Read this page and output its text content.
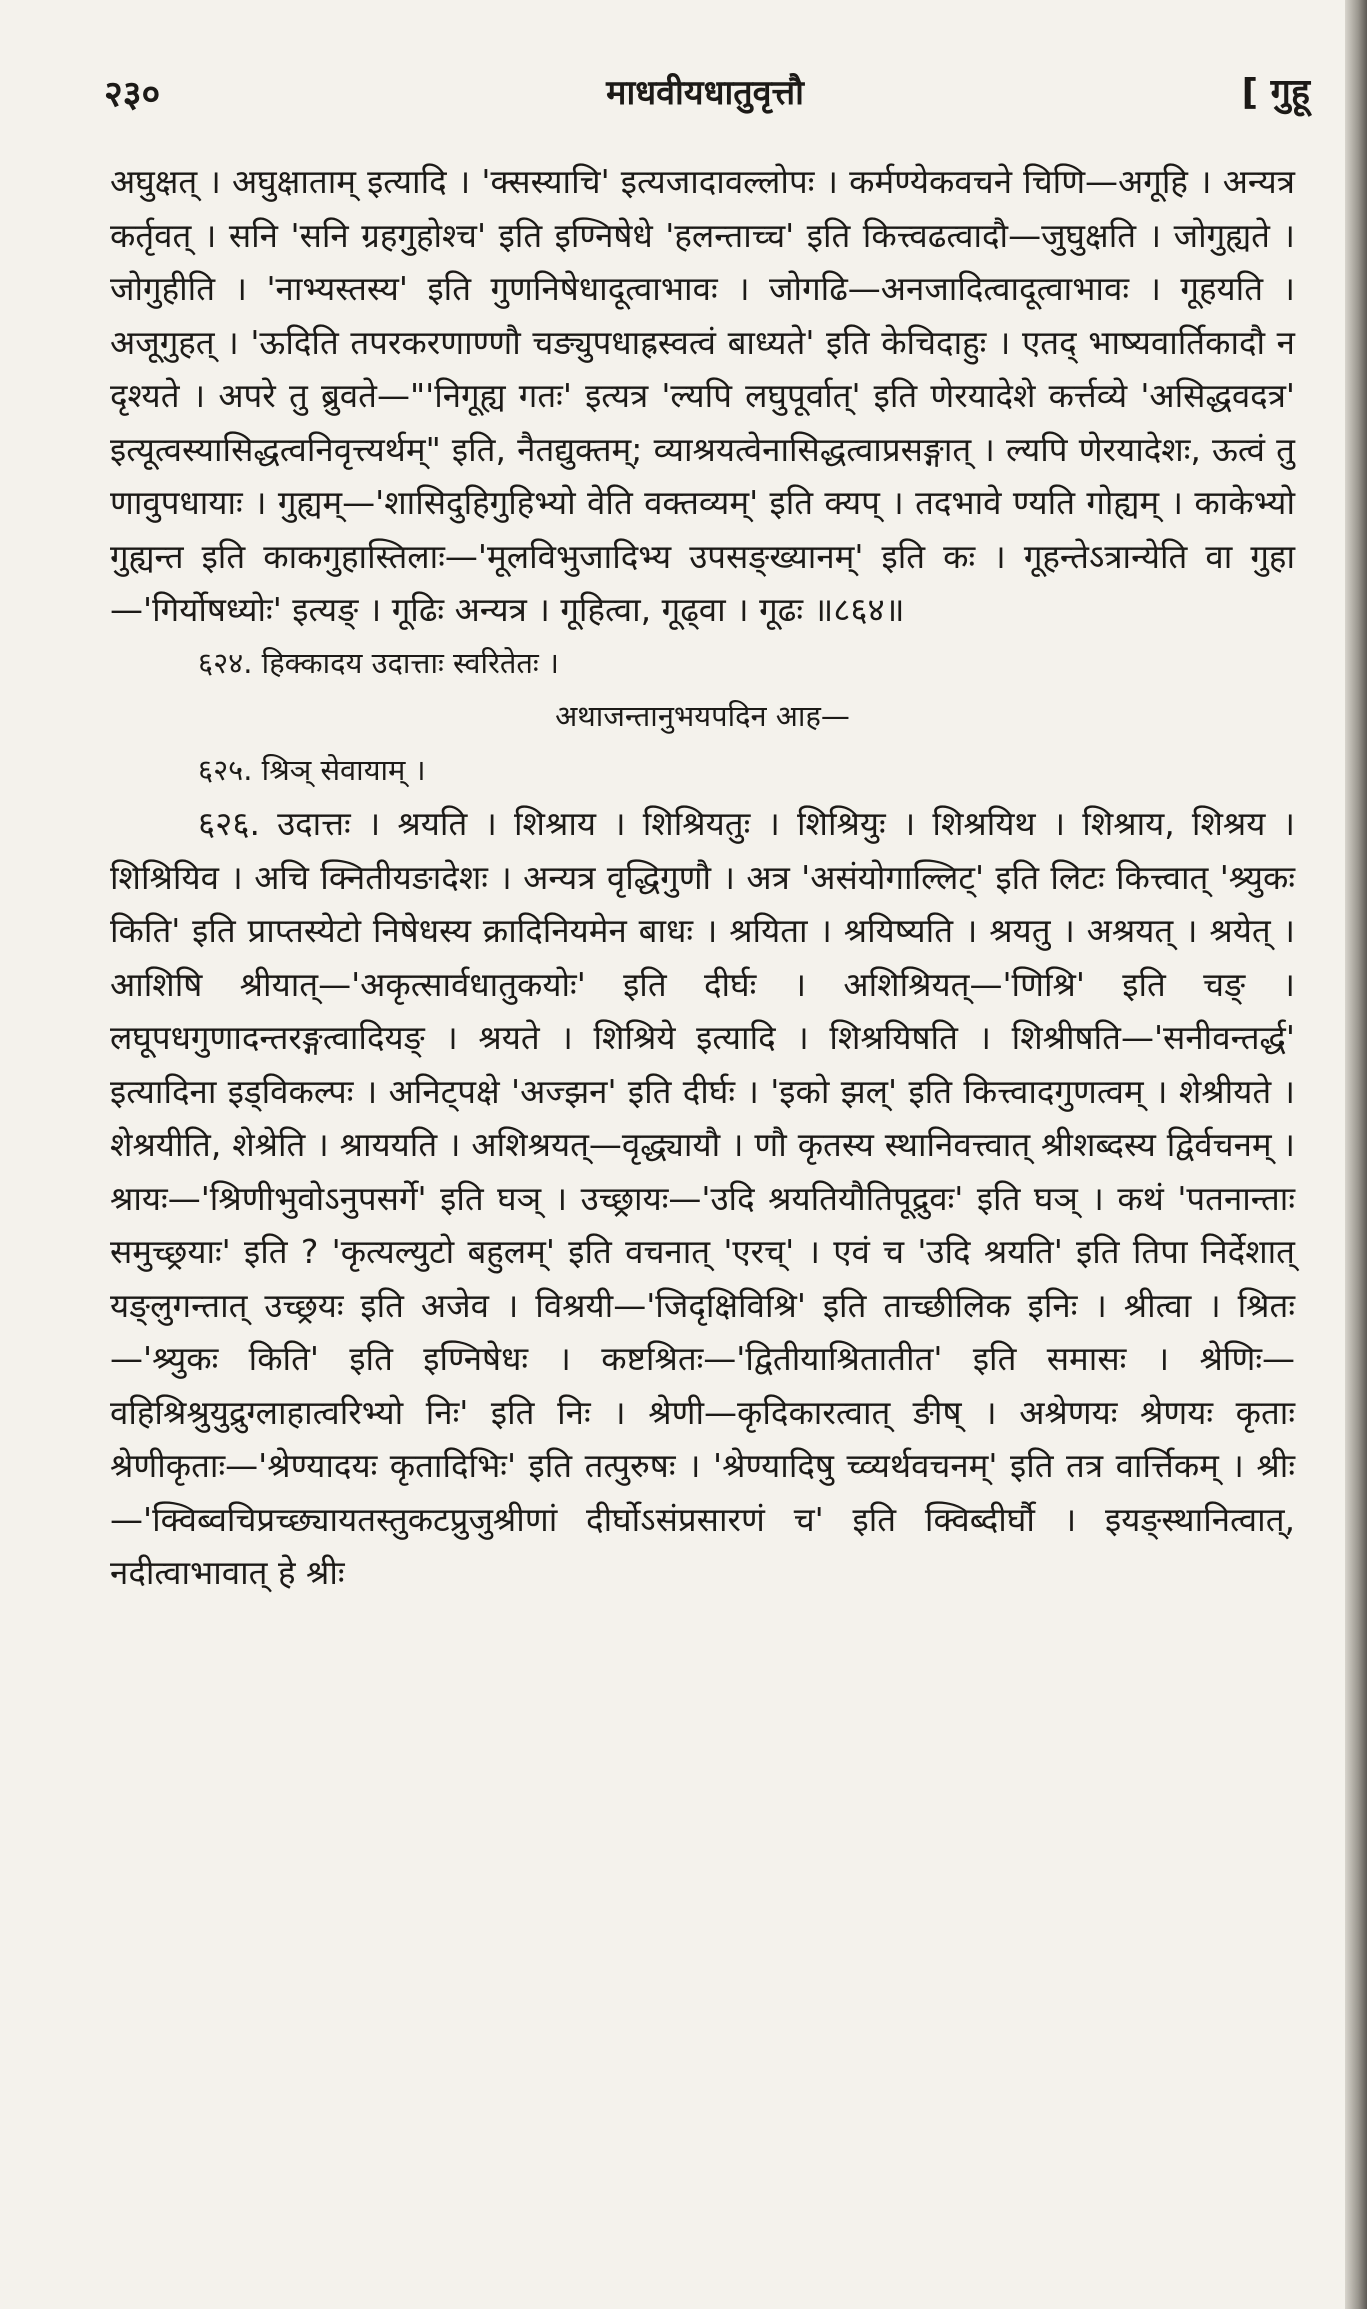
२३०	माधवीयधातुवृत्तौ	[ गुहू

अघुक्षत् । अघुक्षाताम् इत्यादि । 'क्सस्याचि' इत्यजादावल्लोपः । कर्मण्येकवचने चिणि—अगूहि । अन्यत्र कर्तृवत् । सनि 'सनि ग्रहगुहोश्च' इति इण्निषेधे 'हलन्ताच्च' इति कित्त्वढत्वादौ—जुघुक्षति । जोगुह्यते । जोगुहीति । 'नाभ्यस्तस्य' इति गुणनिषेधादूत्वाभावः । जोगढि—अनजादित्वादूत्वाभावः । गूहयति । अजूगुहत् । 'ऊदिति तपरकरणाण्णौ चङ्युपधाह्रस्वत्वं बाध्यते' इति केचिदाहुः । एतद् भाष्यवार्तिकादौ न दृश्यते । अपरे तु ब्रुवते—"'निगूह्य गतः' इत्यत्र 'ल्यपि लघुपूर्वात्' इति णेरयादेशे कर्त्तव्ये 'असिद्धवदत्र' इत्यूत्वस्यासिद्धत्वनिवृत्त्यर्थम्" इति, नैतद्युक्तम्; व्याश्रयत्वेनासिद्धत्वाप्रसङ्गात् । ल्यपि णेरयादेशः, ऊत्वं तु णावुपधायाः । गुह्यम्—'शासिदुहिगुहिभ्यो वेति वक्तव्यम्' इति क्यप् । तदभावे ण्यति गोह्यम् । काकेभ्यो गुह्यन्त इति काकगुहास्तिलाः—'मूलविभुजादिभ्य उपसङ्ख्यानम्' इति कः । गूहन्तेऽत्रान्येति वा गुहा—'गिर्योषध्योः' इत्यङ् । गूढिः अन्यत्र । गूहित्वा, गूढ्वा । गूढः ॥८६४॥

६२४. हिक्कादय उदात्ताः स्वरितेतः ।

अथाजन्तानुभयपदिन आह—

६२५. श्रिञ् सेवायाम् ।

६२६. उदात्तः । श्रयति । शिश्राय । शिश्रियतुः । शिश्रियुः । शिश्रयिथ । शिश्राय, शिश्रय । शिश्रियिव । अचि क्नितीयङादेशः । अन्यत्र वृद्धिगुणौ । अत्र 'असंयोगाल्लिट्' इति लिटः कित्त्वात् 'श्र्युकः किति' इति प्राप्तस्येटो निषेधस्य क्रादिनियमेन बाधः । श्रयिता । श्रयिष्यति । श्रयतु । अश्रयत् । श्रयेत् । आशिषि श्रीयात्—'अकृत्सार्वधातुकयोः' इति दीर्घः । अशिश्रियत्—'णिश्रि' इति चङ् । लघूपधगुणादन्तरङ्गत्वादियङ् । श्रयते । शिश्रिये इत्यादि । शिश्रयिषति । शिश्रीषति—'सनीवन्तर्द्ध' इत्यादिना इड्विकल्पः । अनिट्पक्षे 'अज्झन' इति दीर्घः । 'इको झल्' इति कित्त्वादगुणत्वम् । शेश्रीयते । शेश्रयीति, शेश्रेति । श्राययति । अशिश्रयत्—वृद्ध्यायौ । णौ कृतस्य स्थानिवत्त्वात् श्रीशब्दस्य द्विर्वचनम् । श्रायः—'श्रिणीभुवोऽनुपसर्गे' इति घञ् । उच्छ्रायः—'उदि श्रयतियौतिपूद्रुवः' इति घञ् । कथं 'पतनान्ताः समुच्छ्रयाः' इति ? 'कृत्यल्युटो बहुलम्' इति वचनात् 'एरच्' । एवं च 'उदि श्रयति' इति तिपा निर्देशात् यङ्लुगन्तात् उच्छ्रयः इति अजेव । विश्रयी—'जिदृक्षिविश्रि' इति ताच्छीलिक इनिः । श्रीत्वा । श्रितः—'श्र्युकः किति' इति इण्निषेधः । कष्टश्रितः—'द्वितीयाश्रितातीत' इति समासः । श्रेणिः—वहिश्रिश्रुयुद्रुग्लाहात्वरिभ्यो निः' इति निः । श्रेणी—कृदिकारत्वात् ङीष् । अश्रेणयः श्रेणयः कृताः श्रेणीकृताः—'श्रेण्यादयः कृतादिभिः' इति तत्पुरुषः । 'श्रेण्यादिषु च्व्यर्थवचनम्' इति तत्र वार्त्तिकम् । श्रीः—'क्विब्वचिप्रच्छ्यायतस्तुकटप्रुजुश्रीणां दीर्घोऽसंप्रसारणं च' इति क्विब्दीर्घौ । इयङ्स्थानित्वात्, नदीत्वाभावात् हे श्रीः
